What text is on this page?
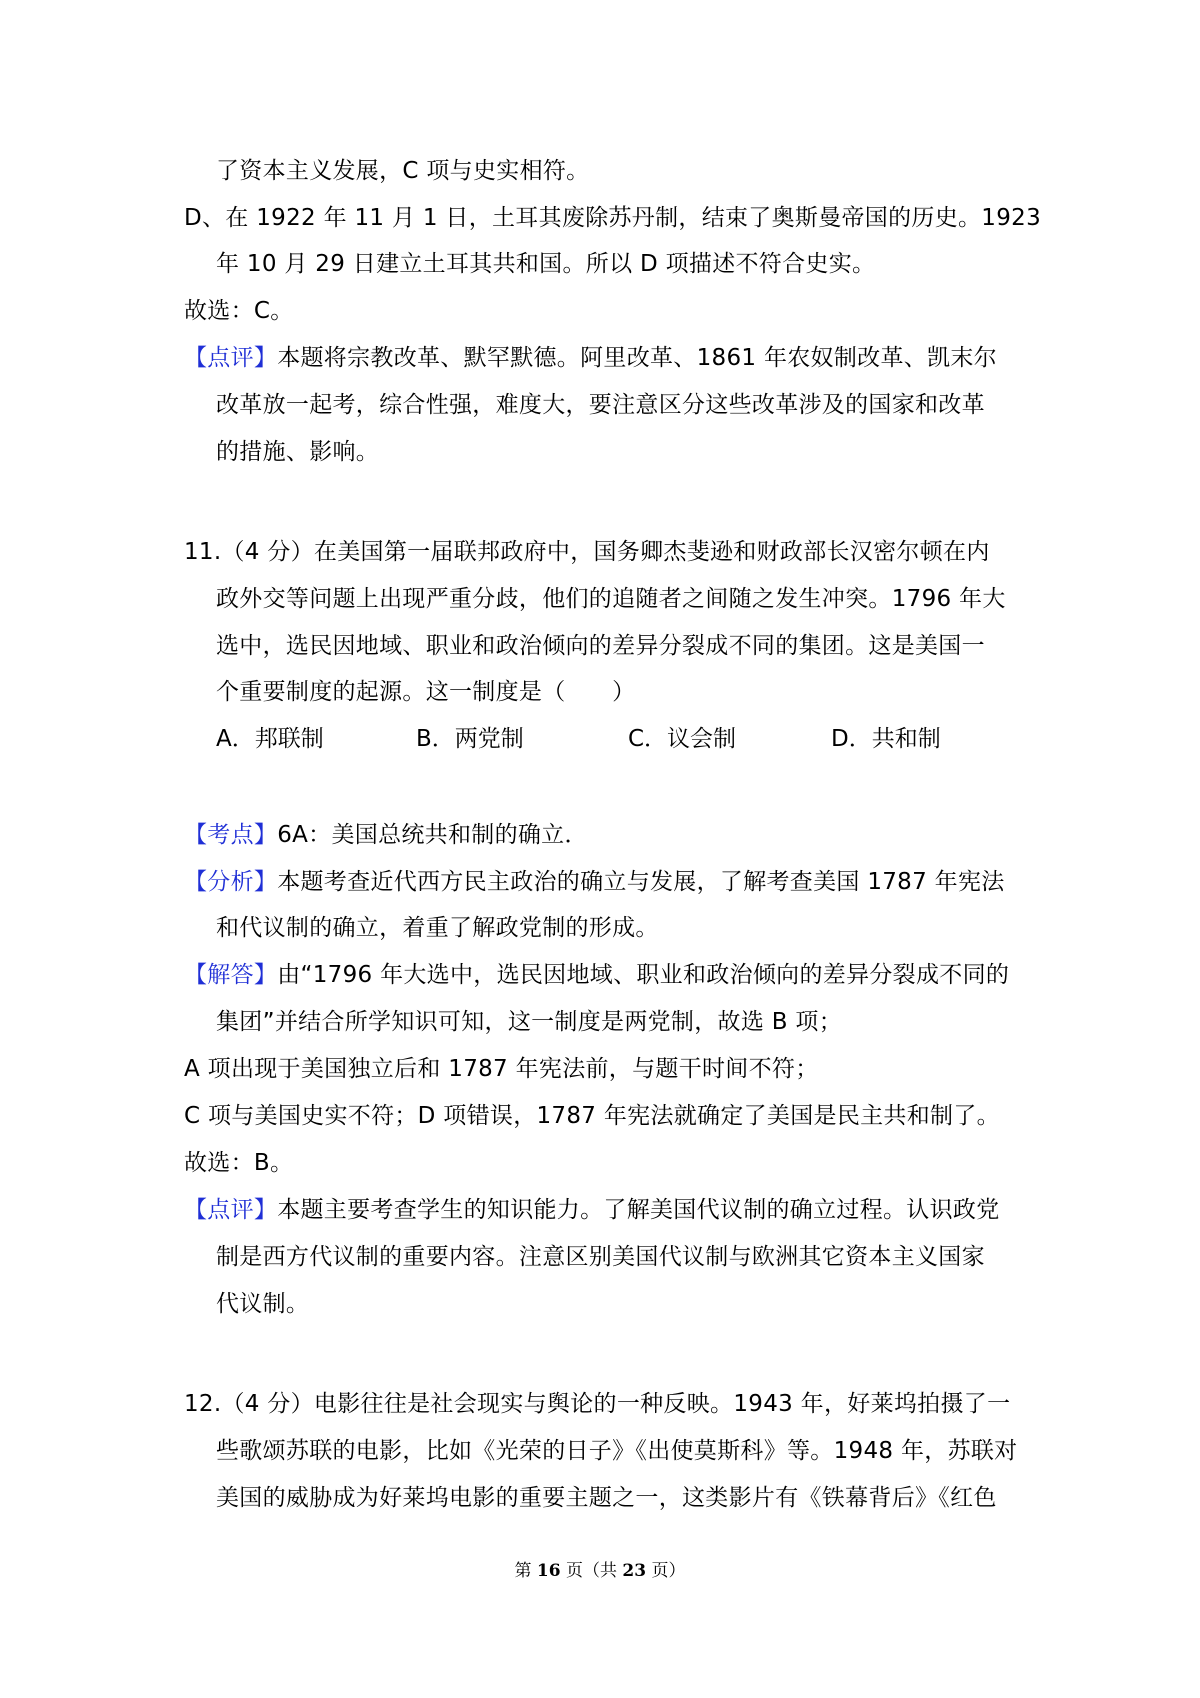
了资本主义发展，C 项与史实相符。
D、在 1922 年 11 月 1 日，土耳其废除苏丹制，结束了奥斯曼帝国的历史。1923
年 10 月 29 日建立土耳其共和国。所以 D 项描述不符合史实。
故选：C。
【点评】本题将宗教改革、默罕默德。阿里改革、1861 年农奴制改革、凯末尔
改革放一起考，综合性强，难度大，要注意区分这些改革涉及的国家和改革
的措施、影响。
11.（4 分）在美国第一届联邦政府中，国务卿杰斐逊和财政部长汉密尔顿在内
政外交等问题上出现严重分歧，他们的追随者之间随之发生冲突。1796 年大
选中，选民因地域、职业和政治倾向的差异分裂成不同的集团。这是美国一
个重要制度的起源。这一制度是（　　）
A．邦联制	B．两党制	C．议会制	D．共和制
【考点】6A：美国总统共和制的确立．
【分析】本题考查近代西方民主政治的确立与发展，了解考查美国 1787 年宪法
和代议制的确立，着重了解政党制的形成。
【解答】由“1796 年大选中，选民因地域、职业和政治倾向的差异分裂成不同的
集团”并结合所学知识可知，这一制度是两党制，故选 B 项；
A 项出现于美国独立后和 1787 年宪法前，与题干时间不符；
C 项与美国史实不符；D 项错误，1787 年宪法就确定了美国是民主共和制了。
故选：B。
【点评】本题主要考查学生的知识能力。了解美国代议制的确立过程。认识政党
制是西方代议制的重要内容。注意区别美国代议制与欧洲其它资本主义国家
代议制。
12.（4 分）电影往往是社会现实与舆论的一种反映。1943 年，好莱坞拍摄了一
些歌颂苏联的电影，比如《光荣的日子》《出使莫斯科》等。1948 年，苏联对
美国的威胁成为好莱坞电影的重要主题之一，这类影片有《铁幕背后》《红色
第 16 页（共 23 页）
